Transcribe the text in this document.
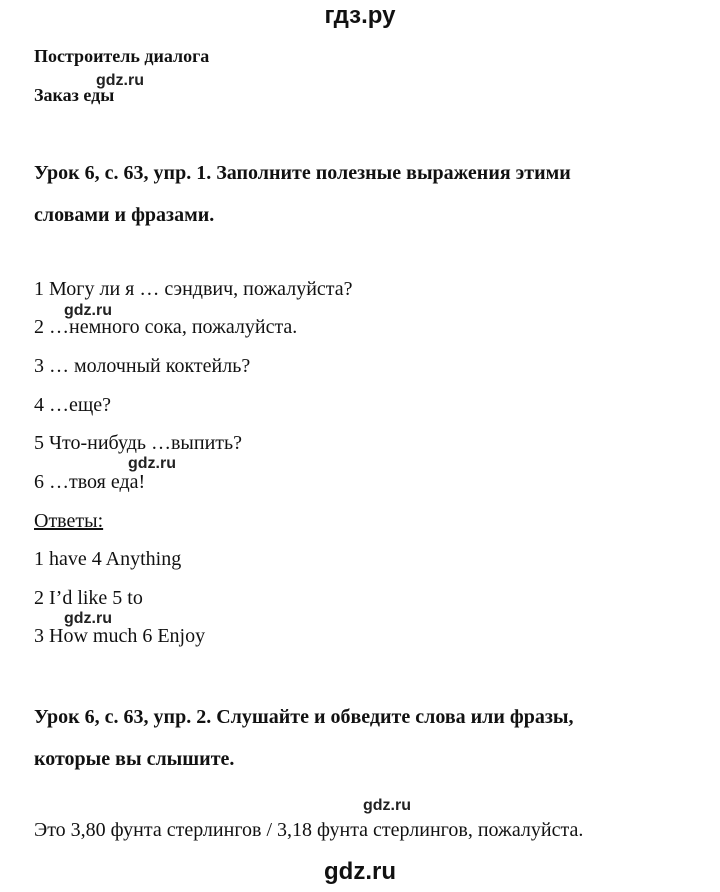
гдз.ру
Построитель диалога
gdz.ru
Заказ еды
Урок 6, с. 63, упр. 1. Заполните полезные выражения этими
словами и фразами.
1 Могу ли я … сэндвич, пожалуйста?
gdz.ru
2 …немного сока, пожалуйста.
3 … молочный коктейль?
4 …еще?
5 Что-нибудь …выпить?
gdz.ru
6 …твоя еда!
Ответы:
1 have 4 Anything
2 I’d like 5 to
gdz.ru
3 How much 6 Enjoy
Урок 6, с. 63, упр. 2. Слушайте и обведите слова или фразы,
которые вы слышите.
gdz.ru
Это 3,80 фунта стерлингов / 3,18 фунта стерлингов, пожалуйста.
gdz.ru
